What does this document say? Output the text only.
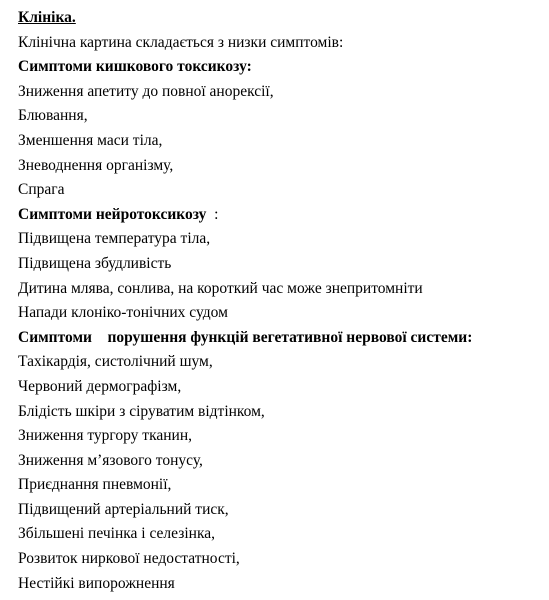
Клініка.
Клінічна картина складається з низки симптомів:
Симптоми кишкового токсикозу:
Зниження апетиту до повної анорексії,
Блювання,
Зменшення маси тіла,
Зневоднення організму,
Спрага
Симптоми нейротоксикозу  :
Підвищена температура тіла,
Підвищена збудливість
Дитина млява, сонлива, на короткий час може знепритомніти
Напади клоніко-тонічних судом
Симптоми    порушення функцій вегетативної нервової системи:
Тахікардія, систолічний шум,
Червоний дермографізм,
Блідість шкіри з сіруватим відтінком,
Зниження тургору тканин,
Зниження м’язового тонусу,
Приєднання пневмонії,
Підвищений артеріальний тиск,
Збільшені печінка і селезінка,
Розвиток ниркової недостатності,
Нестійкі випорожнення
